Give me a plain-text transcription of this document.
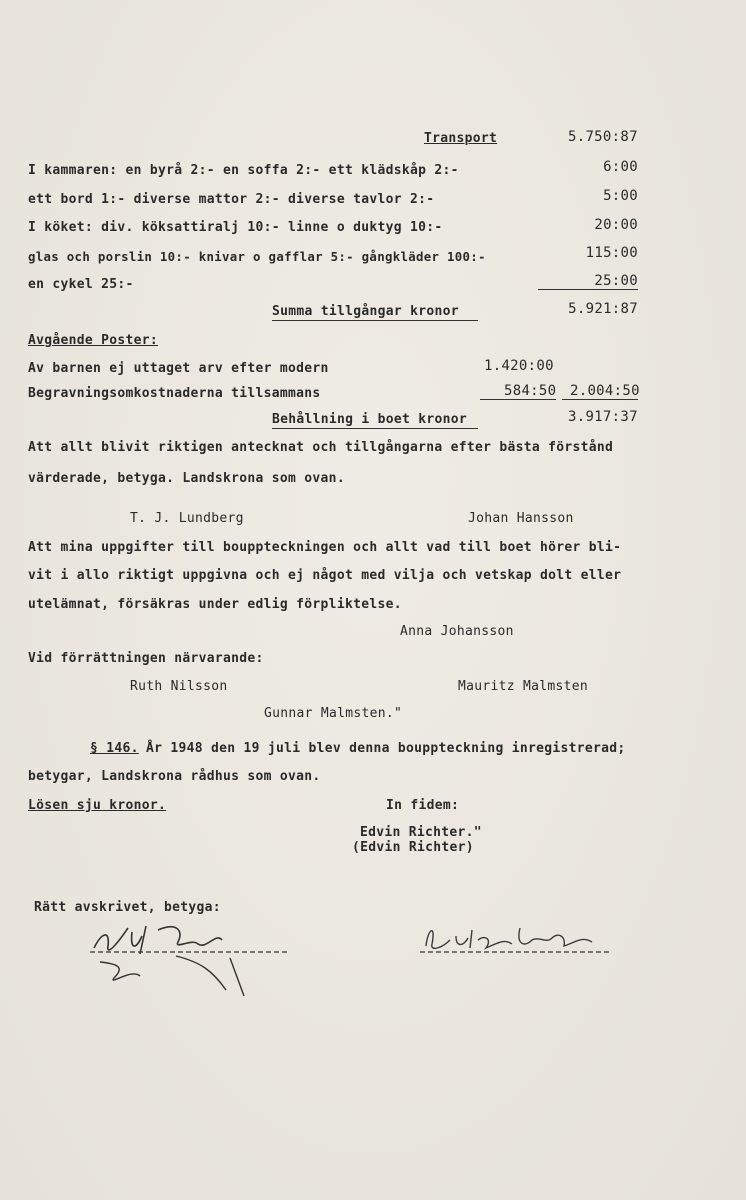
Transport	5.750:87
I kammaren: en byrå 2:- en soffa 2:- ett klädskåp 2:-	6:00
ett bord 1:- diverse mattor 2:- diverse tavlor 2:-	5:00
I köket: div. köksattiralj 10:- linne o duktyg 10:-	20:00
glas och porslin 10:- knivar o gafflar 5:- gångkläder 100:-	115:00
en cykel 25:-	25:00
Summa tillgångar kronor	5.921:87
Avgående Poster:
Av barnen ej uttaget arv efter modern	1.420:00
Begravningsomkostnaderna tillsammans	584:50 2.004:50
Behållning i boet kronor	3.917:37
Att allt blivit riktigen antecknat och tillgångarna efter bästa förstånd
värderade, betyga. Landskrona som ovan.
T. J. Lundberg	Johan Hansson
Att mina uppgifter till bouppteckningen och allt vad till boet hörer bli-
vit i allo riktigt uppgivna och ej något med vilja och vetskap dolt eller
utelämnat, försäkras under edlig förpliktelse.
Anna Johansson
Vid förrättningen närvarande:
Ruth Nilsson	Mauritz Malmsten
Gunnar Malmsten."
§ 146. År 1948 den 19 juli blev denna bouppteckning inregistrerad;
betygar, Landskrona rådhus som ovan.
Lösen sju kronor.	In fidem:
Edvin Richter."
(Edvin Richter)
Rätt avskrivet, betyga:
